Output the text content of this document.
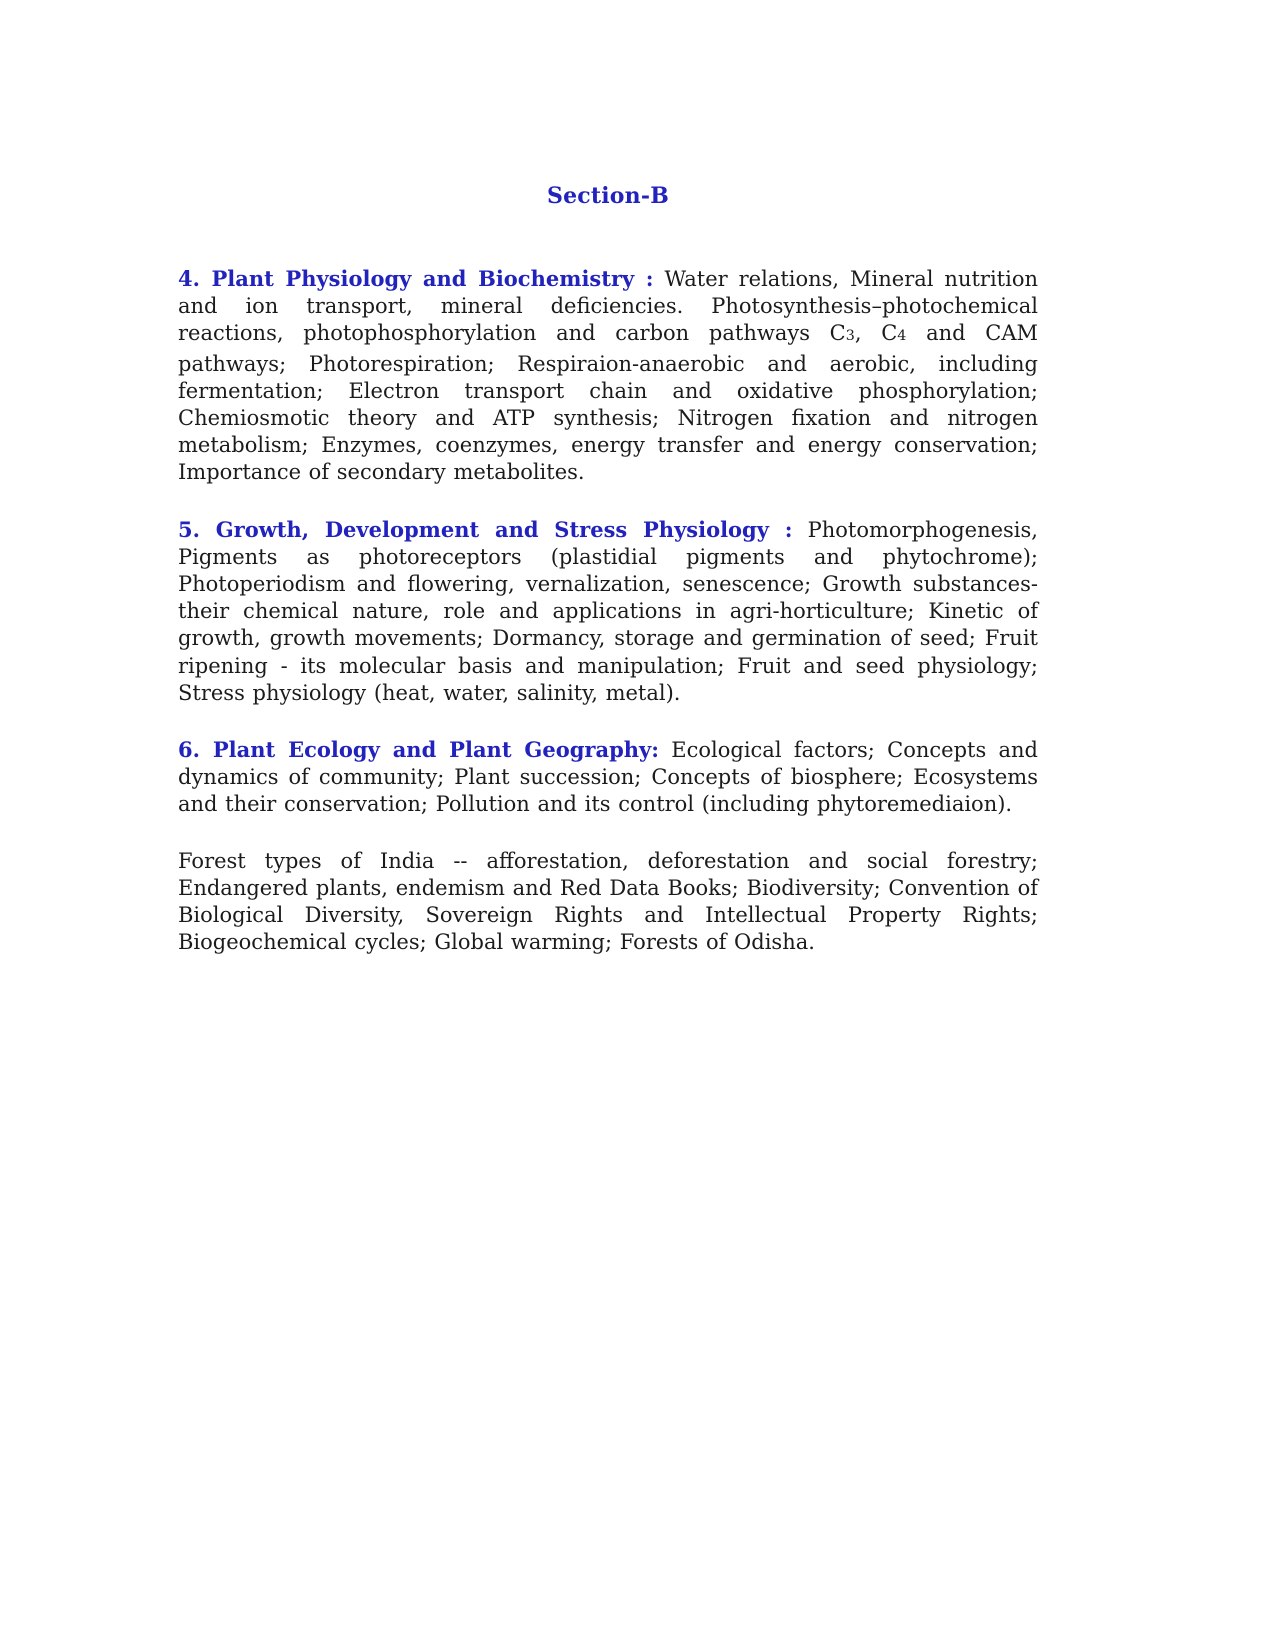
Section-B

4. Plant Physiology and Biochemistry : Water relations, Mineral nutrition and ion transport, mineral deficiencies. Photosynthesis–photochemical reactions, photophosphorylation and carbon pathways C3, C4 and CAM pathways; Photorespiration; Respiraion-anaerobic and aerobic, including fermentation; Electron transport chain and oxidative phosphorylation; Chemiosmotic theory and ATP synthesis; Nitrogen fixation and nitrogen metabolism; Enzymes, coenzymes, energy transfer and energy conservation; Importance of secondary metabolites.

5. Growth, Development and Stress Physiology : Photomorphogenesis, Pigments as photoreceptors (plastidial pigments and phytochrome); Photoperiodism and flowering, vernalization, senescence; Growth substances-their chemical nature, role and applications in agri-horticulture; Kinetic of growth, growth movements; Dormancy, storage and germination of seed; Fruit ripening - its molecular basis and manipulation; Fruit and seed physiology; Stress physiology (heat, water, salinity, metal).

6. Plant Ecology and Plant Geography: Ecological factors; Concepts and dynamics of community; Plant succession; Concepts of biosphere; Ecosystems and their conservation; Pollution and its control (including phytoremediaion).

Forest types of India -- afforestation, deforestation and social forestry; Endangered plants, endemism and Red Data Books; Biodiversity; Convention of Biological Diversity, Sovereign Rights and Intellectual Property Rights; Biogeochemical cycles; Global warming; Forests of Odisha.
